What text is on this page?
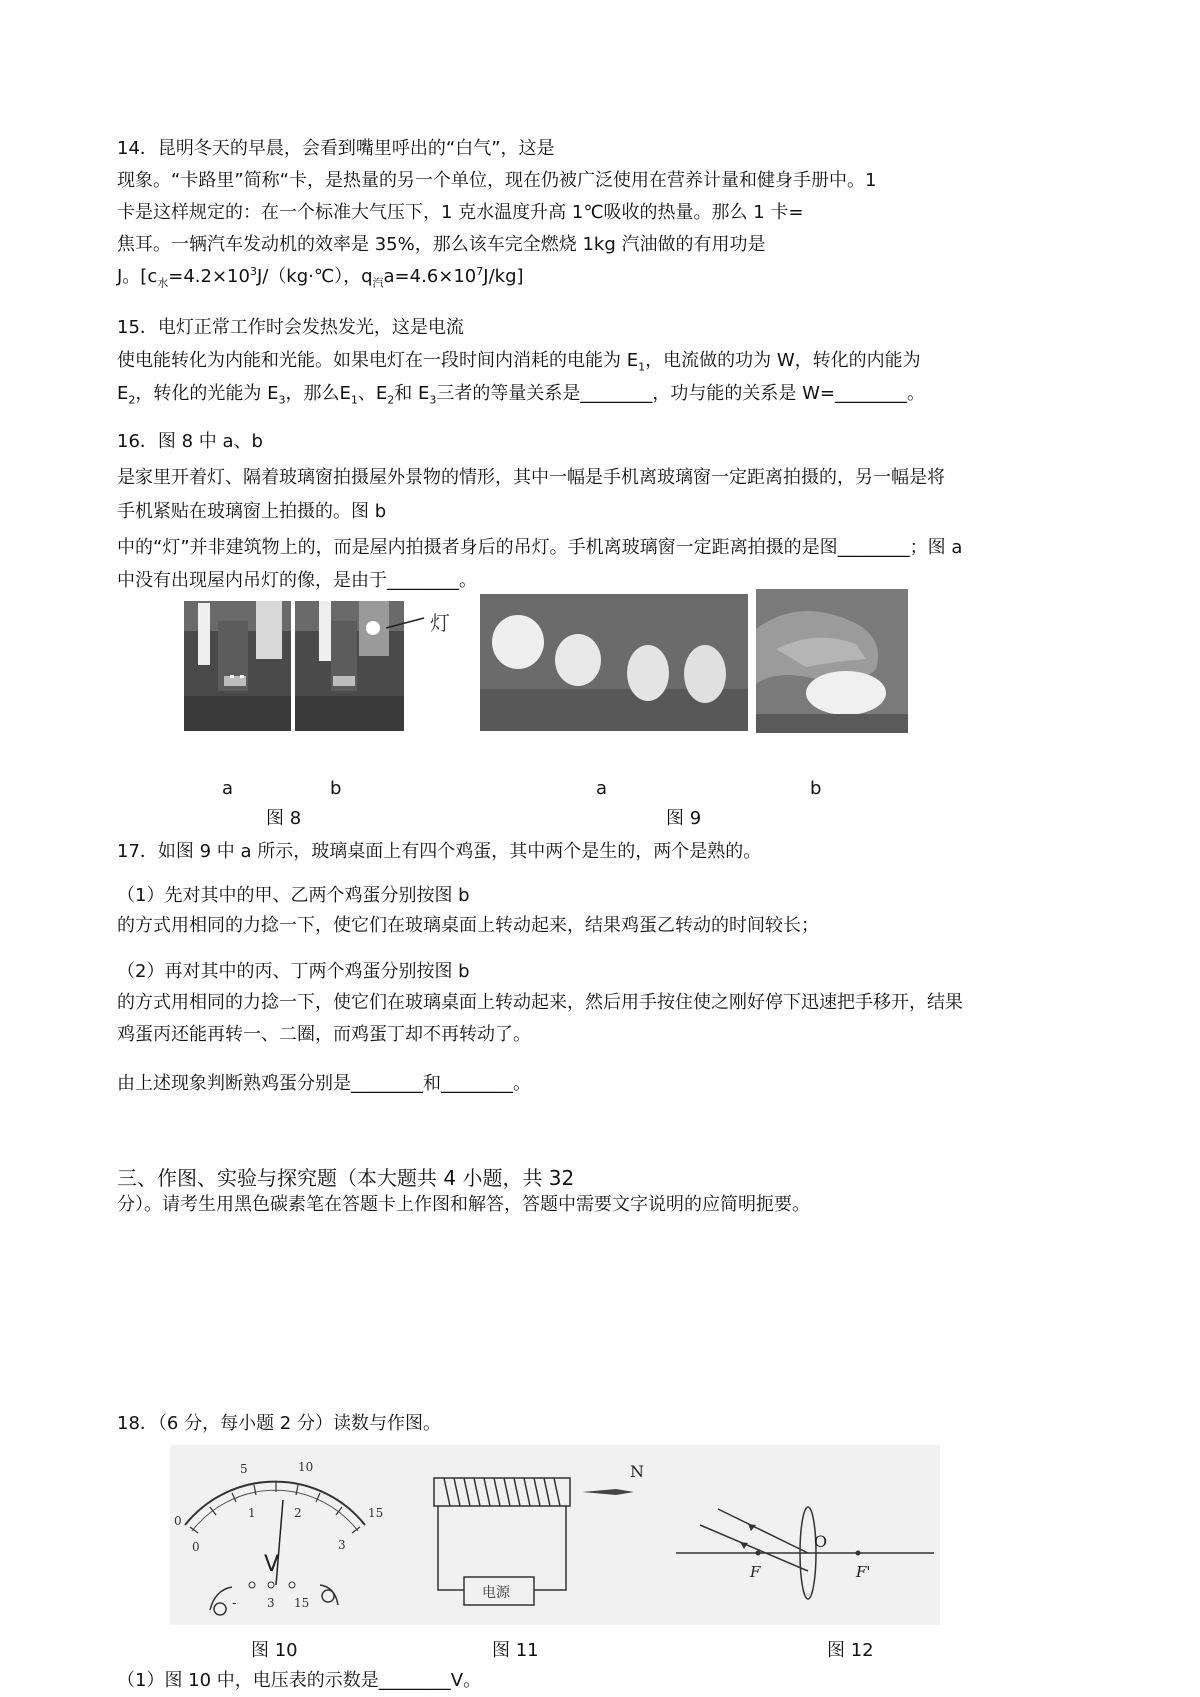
14．昆明冬天的早晨，会看到嘴里呼出的“白气”，这是
现象。“卡路里”简称“卡，是热量的另一个单位，现在仍被广泛使用在营养计量和健身手册中。1
卡是这样规定的：在一个标准大气压下，1 克水温度升高 1℃吸收的热量。那么 1 卡=
焦耳。一辆汽车发动机的效率是 35%，那么该车完全燃烧 1kg 汽油做的有用功是
J。[$c_水=4.2\times 10^3J/(kg\cdot℃)$，$q_汽a=4.6\times 10^7J/kg$]
15．电灯正常工作时会发热发光，这是电流
使电能转化为内能和光能。如果电灯在一段时间内消耗的电能为 $E_1$，电流做的功为 W，转化的内能为
$E_2$，转化的光能为 $E_3$，那么$E_1$、$E_2$和 $E_3$三者的等量关系是________，功与能的关系是 W=________。
16．图 8 中 a、b
是家里开着灯、隔着玻璃窗拍摄屋外景物的情形，其中一幅是手机离玻璃窗一定距离拍摄的，另一幅是将
手机紧贴在玻璃窗上拍摄的。图 b
中的“灯”并非建筑物上的，而是屋内拍摄者身后的吊灯。手机离玻璃窗一定距离拍摄的是图________；图 a
中没有出现屋内吊灯的像，是由于________。
灯
a	b	a	b
图 8	图 9
17．如图 9 中 a 所示，玻璃桌面上有四个鸡蛋，其中两个是生的，两个是熟的。
（1）先对其中的甲、乙两个鸡蛋分别按图 b
的方式用相同的力捻一下，使它们在玻璃桌面上转动起来，结果鸡蛋乙转动的时间较长；
（2）再对其中的丙、丁两个鸡蛋分别按图 b
的方式用相同的力捻一下，使它们在玻璃桌面上转动起来，然后用手按住使之刚好停下迅速把手移开，结果
鸡蛋丙还能再转一、二圈，而鸡蛋丁却不再转动了。
由上述现象判断熟鸡蛋分别是________和________。
三、作图、实验与探究题（本大题共 4 小题，共 32
分）。请考生用黑色碳素笔在答题卡上作图和解答，答题中需要文字说明的应简明扼要。
18．（6 分，每小题 2 分）读数与作图。
0
5	10
15
0
1	2
3
V
-	3 15
电源
N
O
F	F'
图 10	图 11	图 12
（1）图 10 中，电压表的示数是________V。
